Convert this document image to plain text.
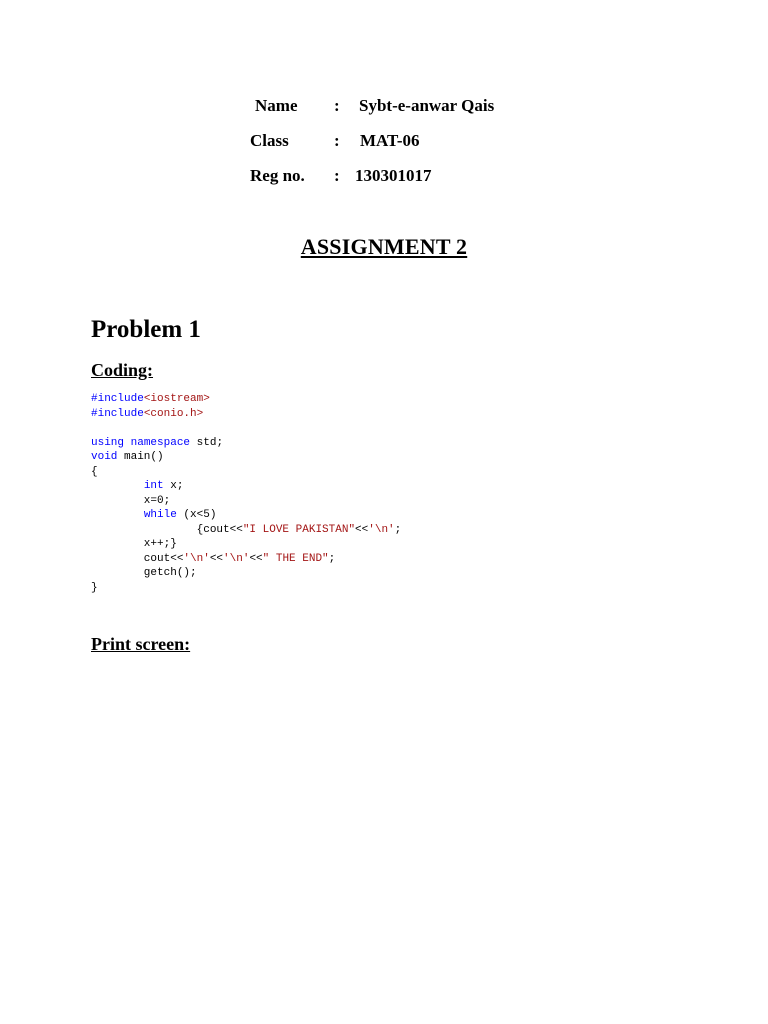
Name : Sybt-e-anwar Qais
Class	: MAT-06
Reg no. : 130301017
ASSIGNMENT 2
Problem 1
Coding:
#include<iostream>
#include<conio.h>

using namespace std;
void main()
{
int x;
x=0;
while (x<5)
{cout<<"I LOVE PAKISTAN"<<'\n';
x++;}
cout<<'\n'<<'\n'<<" THE END";
getch();
}
Print screen:
